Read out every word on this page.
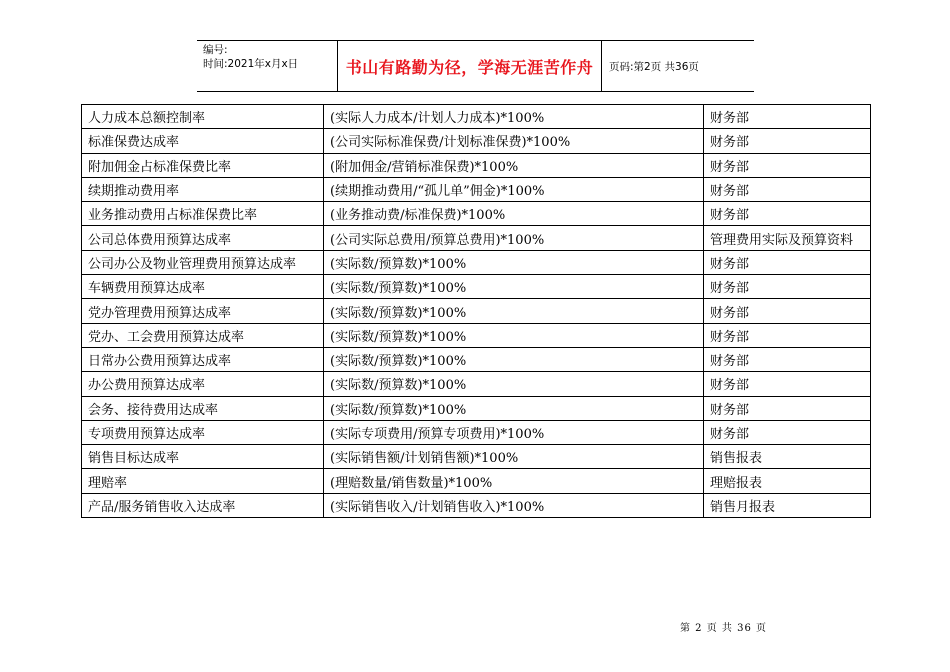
编号:
时间:2021年x月x日	书山有路勤为径，学海无涯苦作舟	页码:第2页 共36页
人力成本总额控制率	(实际人力成本/计划人力成本)*100%	财务部
标准保费达成率	(公司实际标准保费/计划标准保费)*100%	财务部
附加佣金占标准保费比率	(附加佣金/营销标准保费)*100%	财务部
续期推动费用率	(续期推动费用/“孤儿单”佣金)*100%	财务部
业务推动费用占标准保费比率	(业务推动费/标准保费)*100%	财务部
公司总体费用预算达成率	(公司实际总费用/预算总费用)*100%	管理费用实际及预算资料
公司办公及物业管理费用预算达成率	(实际数/预算数)*100%	财务部
车辆费用预算达成率	(实际数/预算数)*100%	财务部
党办管理费用预算达成率	(实际数/预算数)*100%	财务部
党办、工会费用预算达成率	(实际数/预算数)*100%	财务部
日常办公费用预算达成率	(实际数/预算数)*100%	财务部
办公费用预算达成率	(实际数/预算数)*100%	财务部
会务、接待费用达成率	(实际数/预算数)*100%	财务部
专项费用预算达成率	(实际专项费用/预算专项费用)*100%	财务部
销售目标达成率	(实际销售额/计划销售额)*100%	销售报表
理赔率	(理赔数量/销售数量)*100%	理赔报表
产品/服务销售收入达成率	(实际销售收入/计划销售收入)*100%	销售月报表
第 2 页 共 36 页
